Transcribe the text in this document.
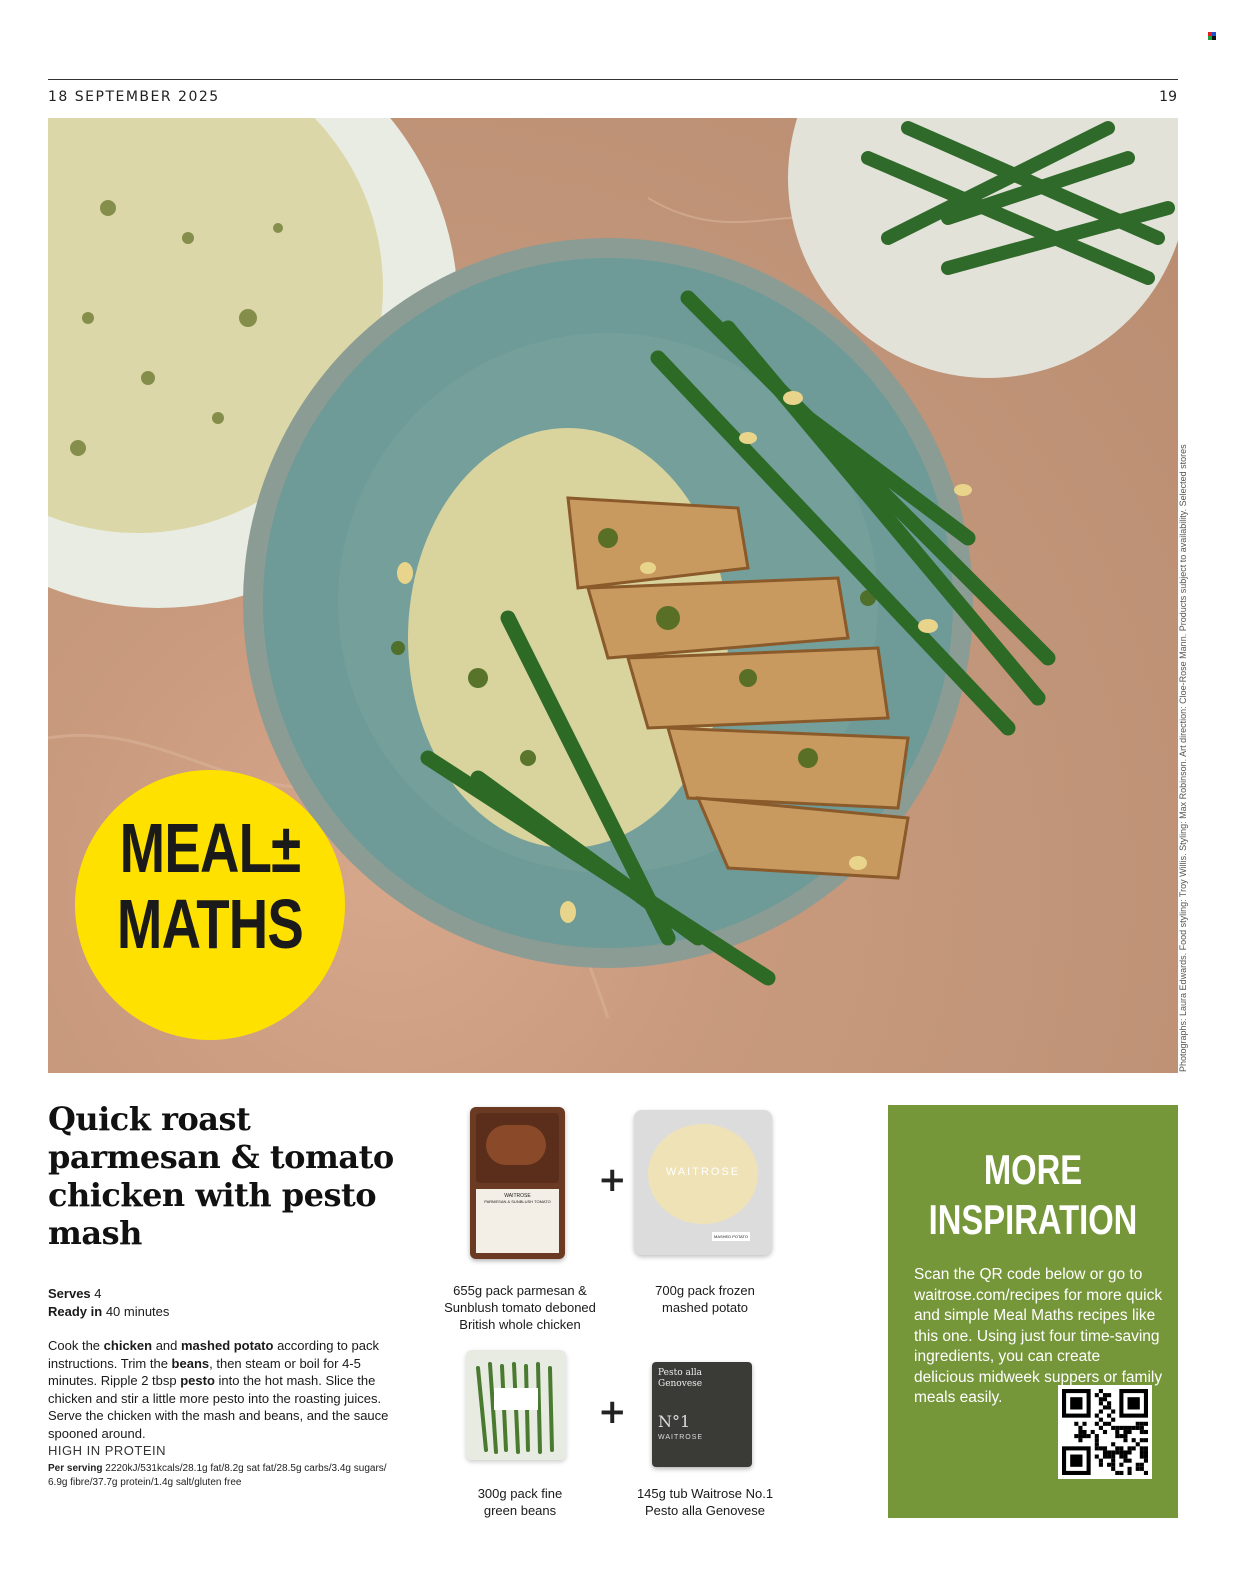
18 SEPTEMBER 2025	19
MEAL±
MATHS	Photographs: Laura Edwards. Food styling: Troy Willis. Styling: Max Robinson. Art direction: Cloe-Rose Mann. Products subject to availability. Selected stores
Quick roast parmesan & tomato chicken with pesto mash
Serves 4
Ready in 40 minutes
Cook the chicken and mashed potato according to pack instructions. Trim the beans, then steam or boil for 4-5 minutes. Ripple 2 tbsp pesto into the hot mash. Slice the chicken and stir a little more pesto into the roasting juices. Serve the chicken with the mash and beans, and the sauce spooned around.
HIGH IN PROTEIN
Per serving 2220kJ/531kcals/28.1g fat/8.2g sat fat/28.5g carbs/3.4g sugars/ 6.9g fibre/37.7g protein/1.4g salt/gluten free
WAITROSE
PARMESAN & SUNBLUSH TOMATO
+	WAITROSE
MASHED POTATO
655g pack parmesan &
Sunblush tomato deboned
British whole chicken
700g pack frozen
mashed potato
+
Pesto alla Genovese
N°1
WAITROSE
300g pack fine
green beans
145g tub Waitrose No.1
Pesto alla Genovese
MORE
INSPIRATION
Scan the QR code below or go to waitrose.com/recipes for more quick and simple Meal Maths recipes like this one. Using just four time-saving ingredients, you can create delicious midweek suppers or family meals easily.
